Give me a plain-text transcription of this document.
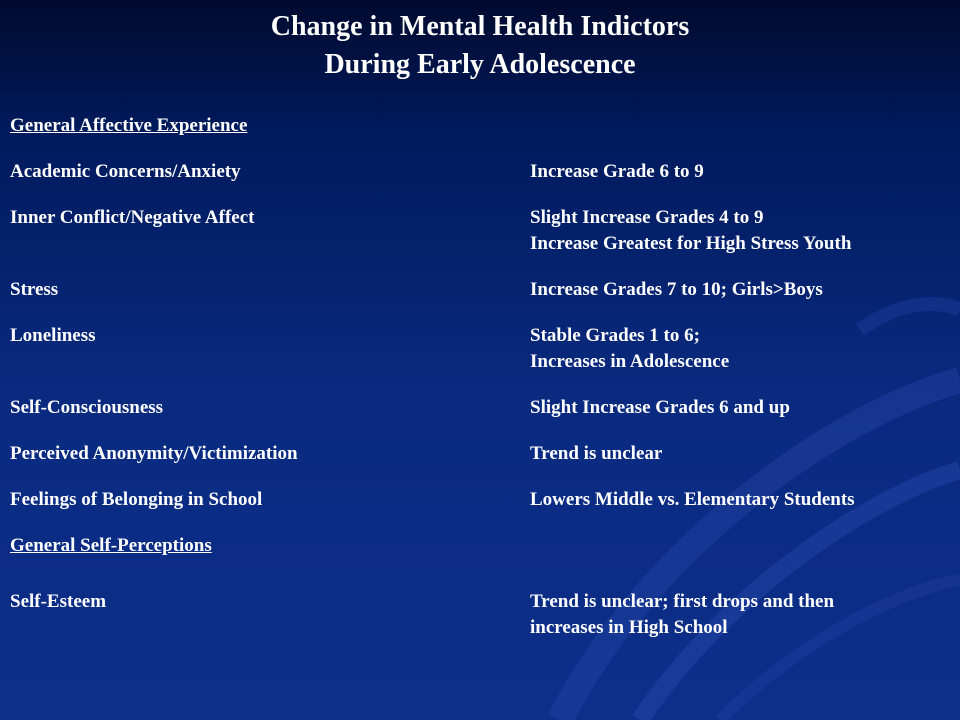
Change in Mental Health Indictors
During Early Adolescence
General Affective Experience
Academic Concerns/Anxiety	Increase Grade 6 to 9
Inner Conflict/Negative Affect	Slight Increase Grades 4 to 9
Increase Greatest for High Stress Youth
Stress	Increase Grades 7 to 10; Girls>Boys
Loneliness	Stable Grades 1 to 6;
Increases in Adolescence
Self-Consciousness	Slight Increase Grades 6 and up
Perceived Anonymity/Victimization	Trend is unclear
Feelings of Belonging in School	Lowers Middle vs. Elementary Students
General Self-Perceptions
Self-Esteem	Trend is unclear; first drops and then
increases in High School
